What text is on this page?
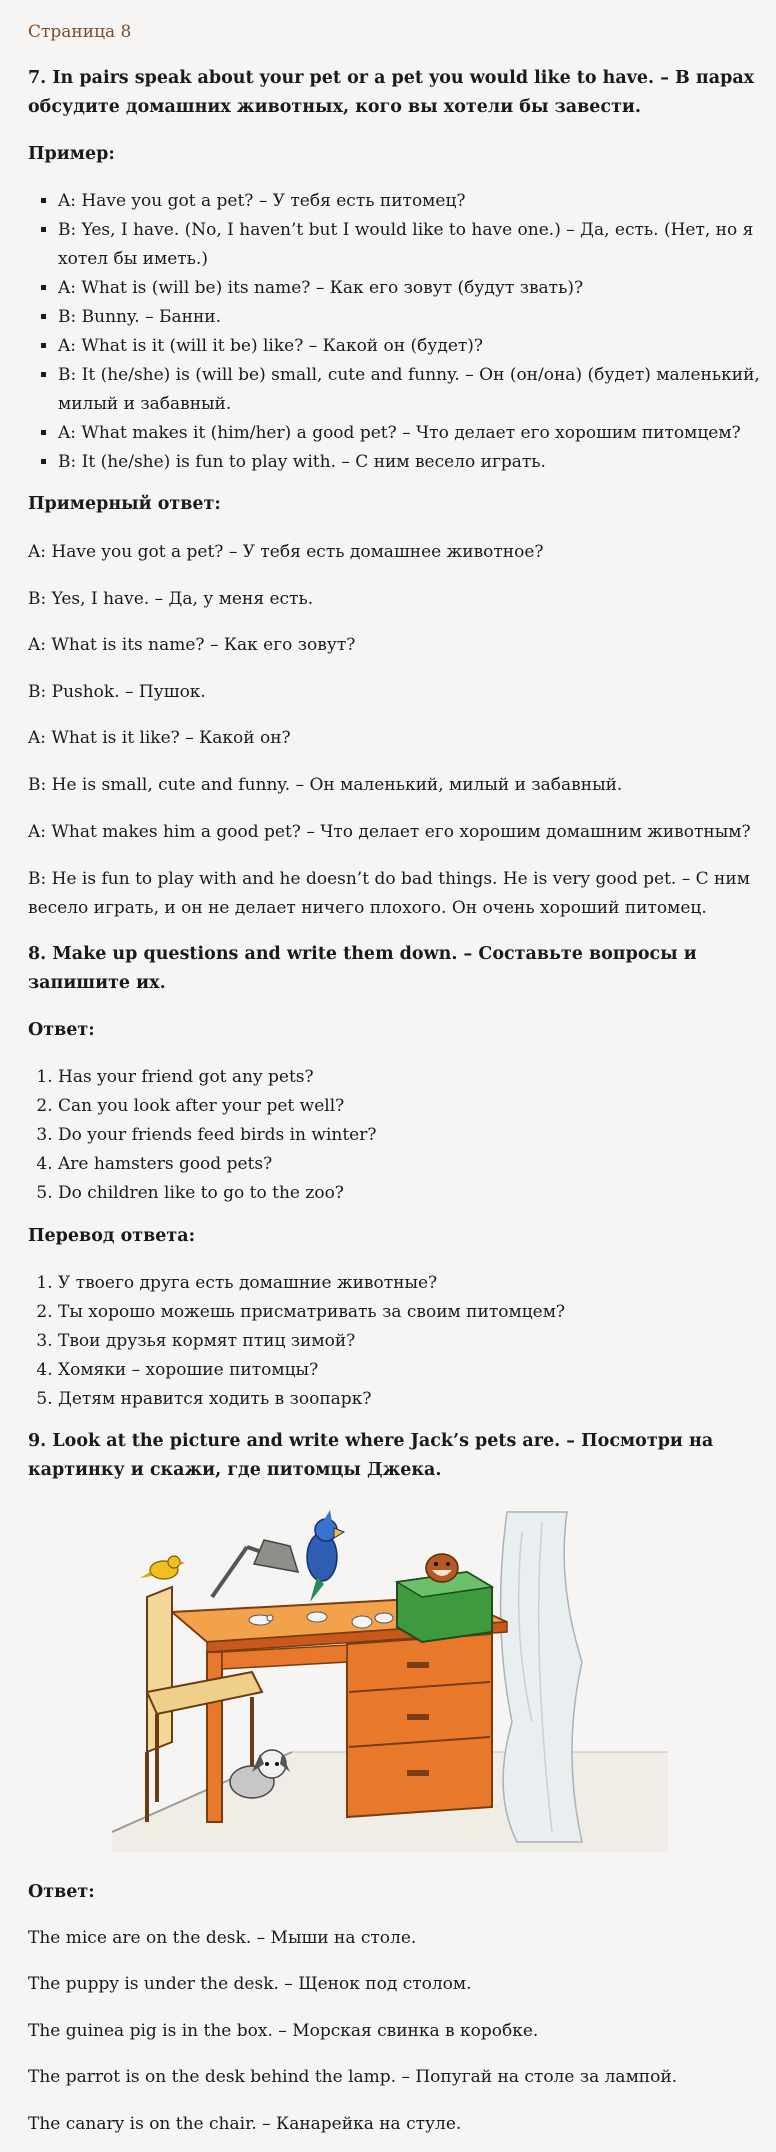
Страница 8
7. In pairs speak about your pet or a pet you would like to have. – В парах обсудите домашних животных, кого вы хотели бы завести.
Пример:
▪ A: Have you got a pet? – У тебя есть питомец?
▪ B: Yes, I have. (No, I haven’t but I would like to have one.) – Да, есть. (Нет, но я хотел бы иметь.)
▪ A: What is (will be) its name? – Как его зовут (будут звать)?
▪ B: Bunny. – Банни.
▪ A: What is it (will it be) like? – Какой он (будет)?
▪ B: It (he/she) is (will be) small, cute and funny. – Он (он/она) (будет) маленький, милый и забавный.
▪ A: What makes it (him/her) a good pet? – Что делает его хорошим питомцем?
▪ B: It (he/she) is fun to play with. – С ним весело играть.
Примерный ответ:
A: Have you got a pet? – У тебя есть домашнее животное?
B: Yes, I have. – Да, у меня есть.
A: What is its name? – Как его зовут?
B: Pushok. – Пушок.
A: What is it like? – Какой он?
B: He is small, cute and funny. – Он маленький, милый и забавный.
A: What makes him a good pet? – Что делает его хорошим домашним животным?
B: He is fun to play with and he doesn’t do bad things. He is very good pet. – С ним весело играть, и он не делает ничего плохого. Он очень хороший питомец.
8. Make up questions and write them down. – Составьте вопросы и запишите их.
Ответ:
1. Has your friend got any pets?
2. Can you look after your pet well?
3. Do your friends feed birds in winter?
4. Are hamsters good pets?
5. Do children like to go to the zoo?
Перевод ответа:
1. У твоего друга есть домашние животные?
2. Ты хорошо можешь присматривать за своим питомцем?
3. Твои друзья кормят птиц зимой?
4. Хомяки – хорошие питомцы?
5. Детям нравится ходить в зоопарк?
9. Look at the picture and write where Jack’s pets are. – Посмотри на картинку и скажи, где питомцы Джека.
Ответ:
The mice are on the desk. – Мыши на столе.
The puppy is under the desk. – Щенок под столом.
The guinea pig is in the box. – Морская свинка в коробке.
The parrot is on the desk behind the lamp. – Попугай на столе за лампой.
The canary is on the chair. – Канарейка на стуле.
